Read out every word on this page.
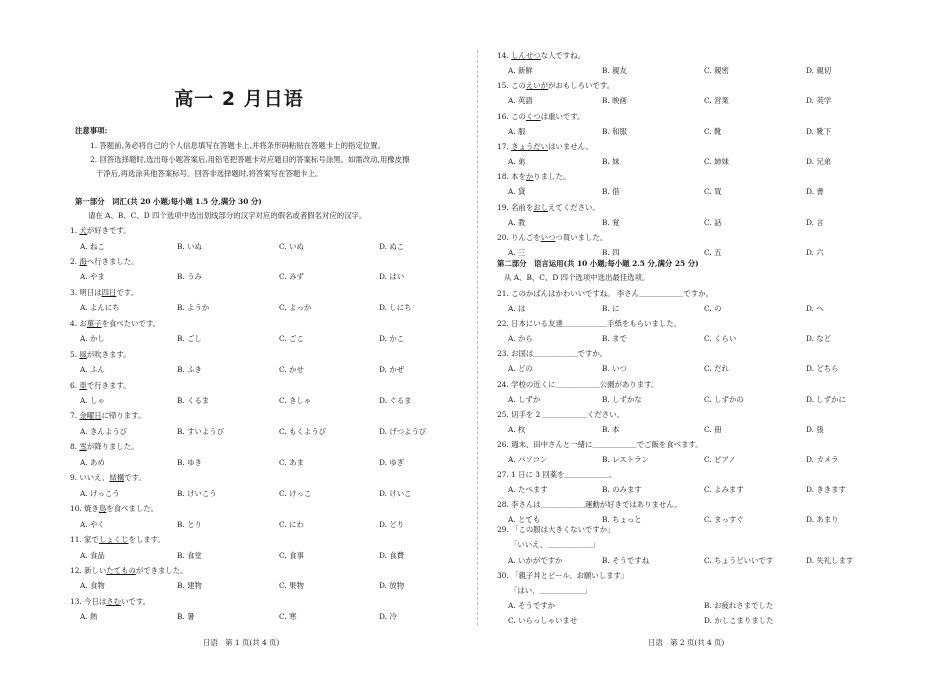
高一 2 月日语
注意事项:
1. 答题前,务必将自己的个人信息填写在答题卡上,并将条形码粘贴在答题卡上的指定位置。
2. 回答选择题时,选出每小题答案后,用铅笔把答题卡对应题目的答案标号涂黑。如需改动,用橡皮擦
干净后,再选涂其他答案标号。回答非选择题时,将答案写在答题卡上。
第一部分　词汇(共 20 小题;每小题 1.5 分,满分 30 分)
请在 A、B、C、D 四个选项中选出划线部分的汉字对应的假名或者假名对应的汉字。
1. 犬が好きです。
A. ねこ	B. いぬ	C. いぬ	D. ぬこ
2. 海へ行きました。
A. やま	B. うみ	C. みず	D. はい
3. 明日は四日です。
A. よんにち	B. ようか	C. よっか	D. しにち
4. お菓子を食べたいです。
A. かし	B. ごし	C. ごこ	D. かこ
5. 風が吹きます。
A. ふん	B. ふき	C. かせ	D. かぜ
6. 車で行きます。
A. しゃ	B. くるま	C. きしゃ	D. ぐるま
7. 金曜日に帰ります。
A. きんようび	B. すいようび	C. もくようび	D. げつようび
8. 雪が降りました。
A. あめ	B. ゆき	C. あま	D. ゆぎ
9. いいえ、結構です。
A. けっこう	B. けいこう	C. けっこ	D. けいこ
10. 焼き鳥を食べました。
A. やく	B. とり	C. にわ	D. どり
11. 家でしょくじをします。
A. 食品	B. 食堂	C. 食事	D. 食費
12. 新しいたてものができました。
A. 食物	B. 建物	C. 果物	D. 放物
13. 今日はさむいです。
A. 熱	B. 暑	C. 寒	D. 冷
日语　第 1 页(共 4 页)
14. しんせつな人ですね。
A. 新鮮	B. 親友	C. 親密	D. 親切
15. このえいががおもしろいです。
A. 英語	B. 映画	C. 営業	D. 英学
16. このくつは重いです。
A. 服	B. 和服	C. 靴	D. 靴下
17. きょうだいはいません。
A. 弟	B. 妹	C. 姉妹	D. 兄弟
18. 本をかりました。
A. 貸	B. 借	C. 買	D. 書
19. 名前をおしえてください。
A. 教	B. 覚	C. 話	D. 言
20. りんごをいつつ買いました。
A. 三	B. 四	C. 五	D. 六
第二部分　语言运用(共 10 小题;每小题 2.5 分,满分 25 分)
从 A、B、C、D 四个选项中选出最佳选项。
21. このかばんはかわいいですね。 李さん＿＿＿＿＿＿ですか。
A. は	B. に	C. の	D. へ
22. 日本にいる友達＿＿＿＿＿＿手紙をもらいました。
A. から	B. まで	C. くらい	D. など
23. お国は＿＿＿＿＿＿ですか。
A. どの	B. いつ	C. だれ	D. どちら
24. 学校の近くに＿＿＿＿＿＿公園があります。
A. しずか	B. しずかな	C. しずかの	D. しずかに
25. 切手を 2 ＿＿＿＿＿＿ください。
A. 枚	B. 本	C. 冊	D. 張
26. 週末、田中さんと一緒に＿＿＿＿＿＿でご飯を食べます。
A. パソコン	B. レストラン	C. ピアノ	D. カメラ
27. 1 日に 3 回薬を＿＿＿＿＿＿。
A. たべます	B. のみます	C. よみます	D. ききます
28. 李さんは＿＿＿＿＿＿運動が好きではありません。
A. とても	B. ちょっと	C. まっすぐ	D. あまり
29. 「この服は大きくないですか」
「いいえ、＿＿＿＿＿＿」
A. いかがですか	B. そうですね	C. ちょうどいいです	D. 失礼します
30. 「親子丼とビール、お願いします」
「はい、＿＿＿＿＿＿」
A. そうですか	B. お疲れさまでした
C. いらっしゃいませ	D. かしこまりました
日语　第 2 页(共 4 页)
